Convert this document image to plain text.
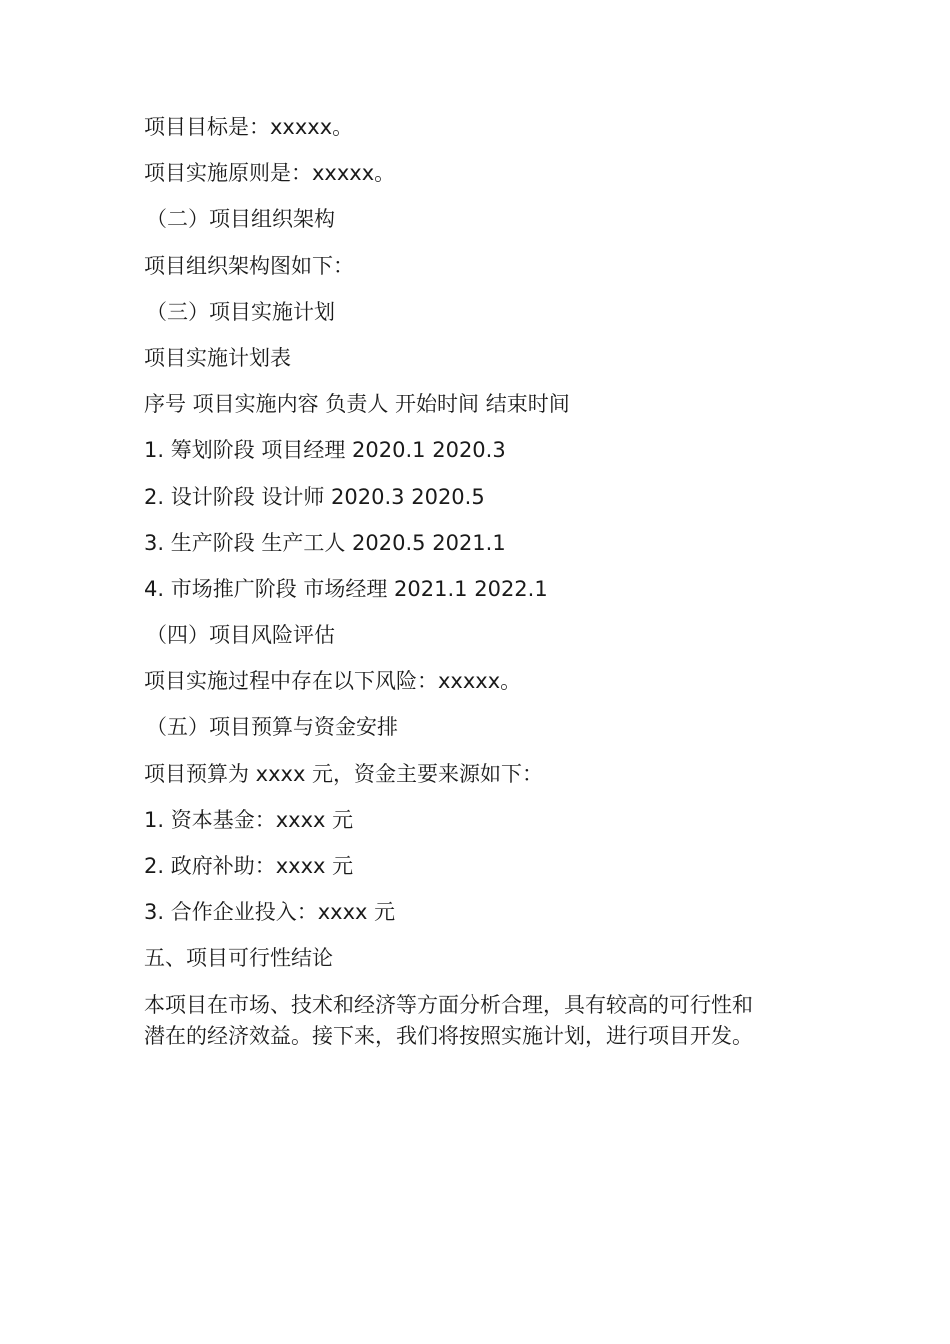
项目目标是：xxxxx。
项目实施原则是：xxxxx。
（二）项目组织架构
项目组织架构图如下：
（三）项目实施计划
项目实施计划表
序号 项目实施内容 负责人 开始时间 结束时间
1. 筹划阶段 项目经理 2020.1 2020.3
2. 设计阶段 设计师 2020.3 2020.5
3. 生产阶段 生产工人 2020.5 2021.1
4. 市场推广阶段 市场经理 2021.1 2022.1
（四）项目风险评估
项目实施过程中存在以下风险：xxxxx。
（五）项目预算与资金安排
项目预算为 xxxx 元，资金主要来源如下：
1. 资本基金：xxxx 元
2. 政府补助：xxxx 元
3. 合作企业投入：xxxx 元
五、项目可行性结论
本项目在市场、技术和经济等方面分析合理，具有较高的可行性和
潜在的经济效益。接下来，我们将按照实施计划，进行项目开发。
